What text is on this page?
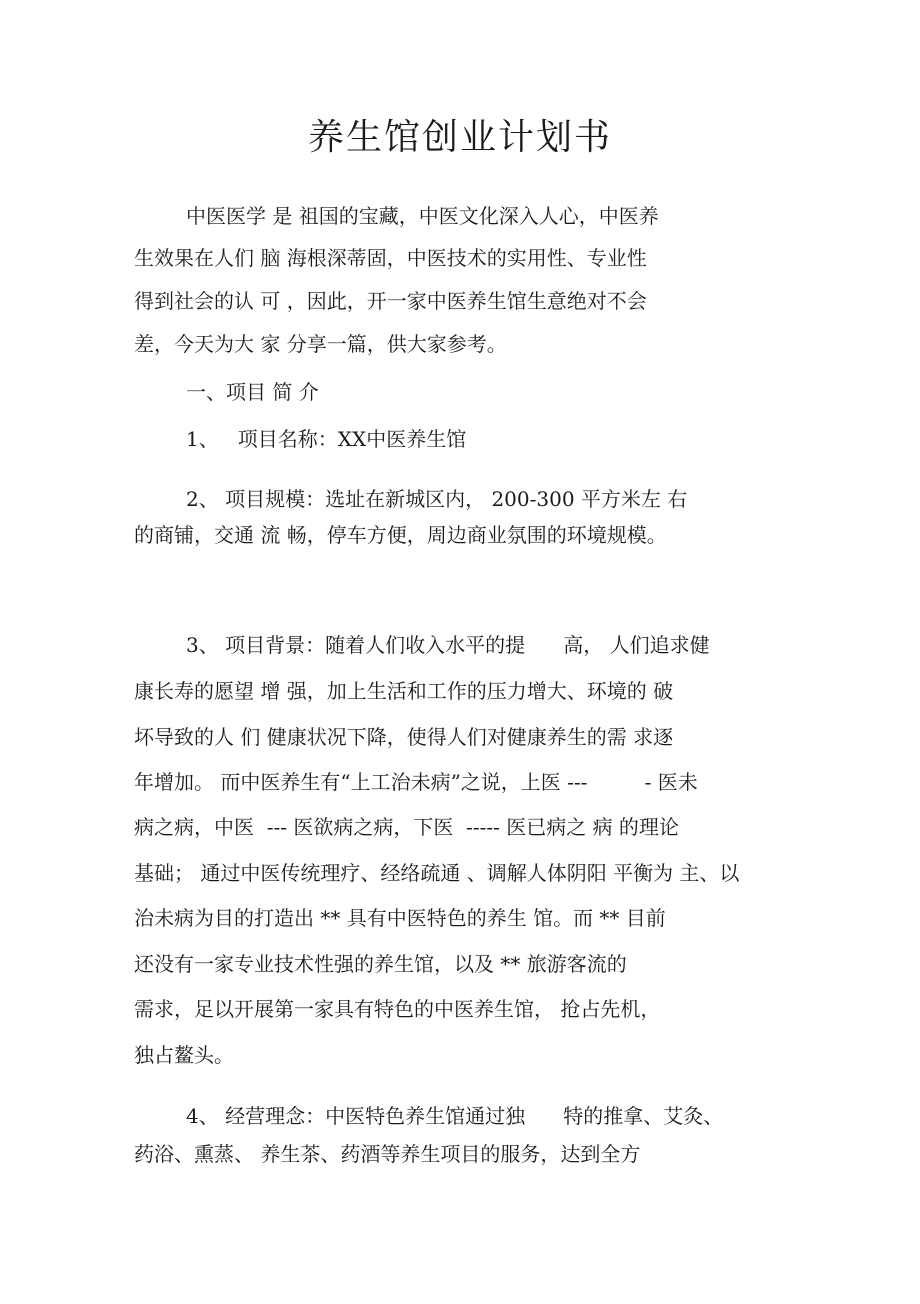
养生馆创业计划书

中医医学 是 祖国的宝藏，中医文化深入人心，中医养

生效果在人们 脑 海根深蒂固，中医技术的实用性、专业性

得到社会的认 可 ，因此，开一家中医养生馆生意绝对不会

差，今天为大 家 分享一篇，供大家参考。

一、项目 简 介

1、   项目名称：XX中医养生馆

2、 项目规模：选址在新城区内， 200-300 平方米左 右

的商铺，交通 流 畅，停车方便，周边商业氛围的环境规模。

3、 项目背景：随着人们收入水平的提      高， 人们追求健

康长寿的愿望 增 强，加上生活和工作的压力增大、环境的 破

坏导致的人 们 健康状况下降，使得人们对健康养生的需 求逐

年增加。 而中医养生有“上工治未病”之说，上医 ---         - 医未

病之病，中医  --- 医欲病之病，下医  ----- 医已病之 病 的理论

基础； 通过中医传统理疗、经络疏通 、调解人体阴阳 平衡为 主、以

治未病为目的打造出 ** 具有中医特色的养生 馆。而 ** 目前

还没有一家专业技术性强的养生馆，以及 ** 旅游客流的

需求，足以开展第一家具有特色的中医养生馆， 抢占先机，

独占鳌头。

4、 经营理念：中医特色养生馆通过独      特的推拿、艾灸、

药浴、熏蒸、 养生茶、药酒等养生项目的服务，达到全方
